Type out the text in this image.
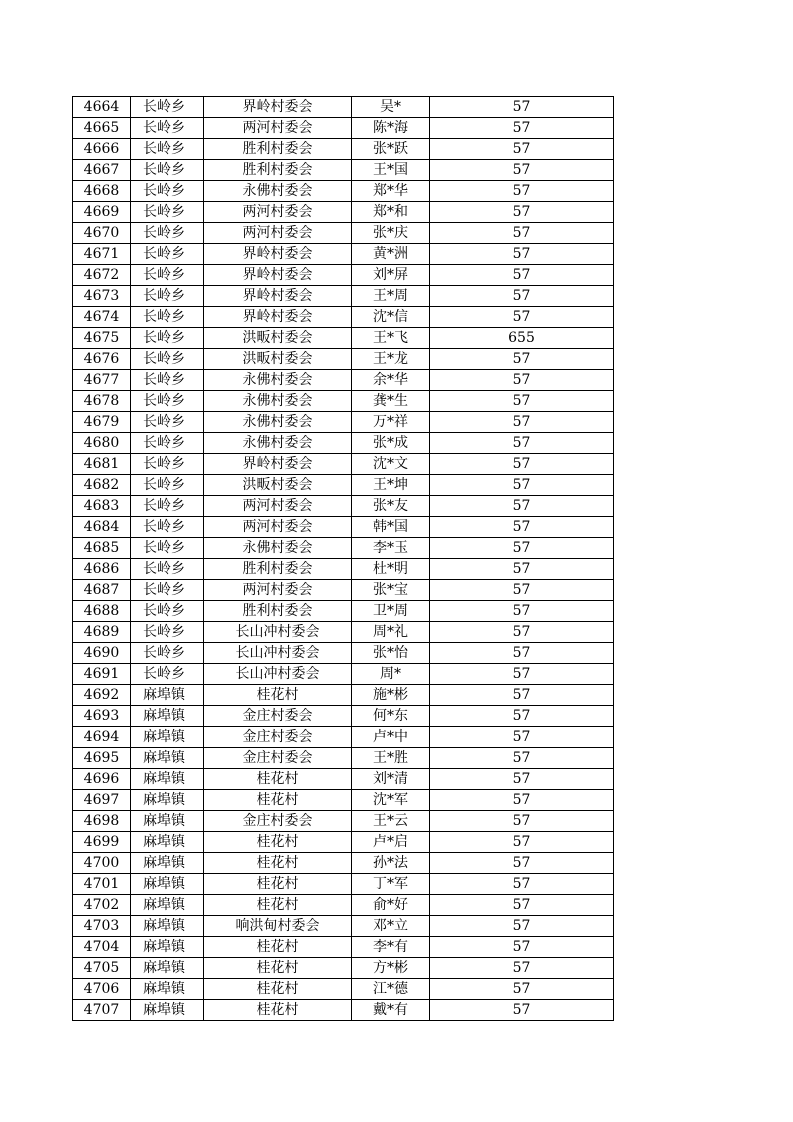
4664	长岭乡	界岭村委会	吴*	57
4665	长岭乡	两河村委会	陈*海	57
4666	长岭乡	胜利村委会	张*跃	57
4667	长岭乡	胜利村委会	王*国	57
4668	长岭乡	永佛村委会	郑*华	57
4669	长岭乡	两河村委会	郑*和	57
4670	长岭乡	两河村委会	张*庆	57
4671	长岭乡	界岭村委会	黄*洲	57
4672	长岭乡	界岭村委会	刘*屏	57
4673	长岭乡	界岭村委会	王*周	57
4674	长岭乡	界岭村委会	沈*信	57
4675	长岭乡	洪畈村委会	王*飞	655
4676	长岭乡	洪畈村委会	王*龙	57
4677	长岭乡	永佛村委会	余*华	57
4678	长岭乡	永佛村委会	龚*生	57
4679	长岭乡	永佛村委会	万*祥	57
4680	长岭乡	永佛村委会	张*成	57
4681	长岭乡	界岭村委会	沈*文	57
4682	长岭乡	洪畈村委会	王*坤	57
4683	长岭乡	两河村委会	张*友	57
4684	长岭乡	两河村委会	韩*国	57
4685	长岭乡	永佛村委会	李*玉	57
4686	长岭乡	胜利村委会	杜*明	57
4687	长岭乡	两河村委会	张*宝	57
4688	长岭乡	胜利村委会	卫*周	57
4689	长岭乡	长山冲村委会	周*礼	57
4690	长岭乡	长山冲村委会	张*怡	57
4691	长岭乡	长山冲村委会	周*	57
4692	麻埠镇	桂花村	施*彬	57
4693	麻埠镇	金庄村委会	何*东	57
4694	麻埠镇	金庄村委会	卢*中	57
4695	麻埠镇	金庄村委会	王*胜	57
4696	麻埠镇	桂花村	刘*清	57
4697	麻埠镇	桂花村	沈*军	57
4698	麻埠镇	金庄村委会	王*云	57
4699	麻埠镇	桂花村	卢*启	57
4700	麻埠镇	桂花村	孙*法	57
4701	麻埠镇	桂花村	丁*军	57
4702	麻埠镇	桂花村	俞*好	57
4703	麻埠镇	响洪甸村委会	邓*立	57
4704	麻埠镇	桂花村	李*有	57
4705	麻埠镇	桂花村	方*彬	57
4706	麻埠镇	桂花村	江*德	57
4707	麻埠镇	桂花村	戴*有	57
